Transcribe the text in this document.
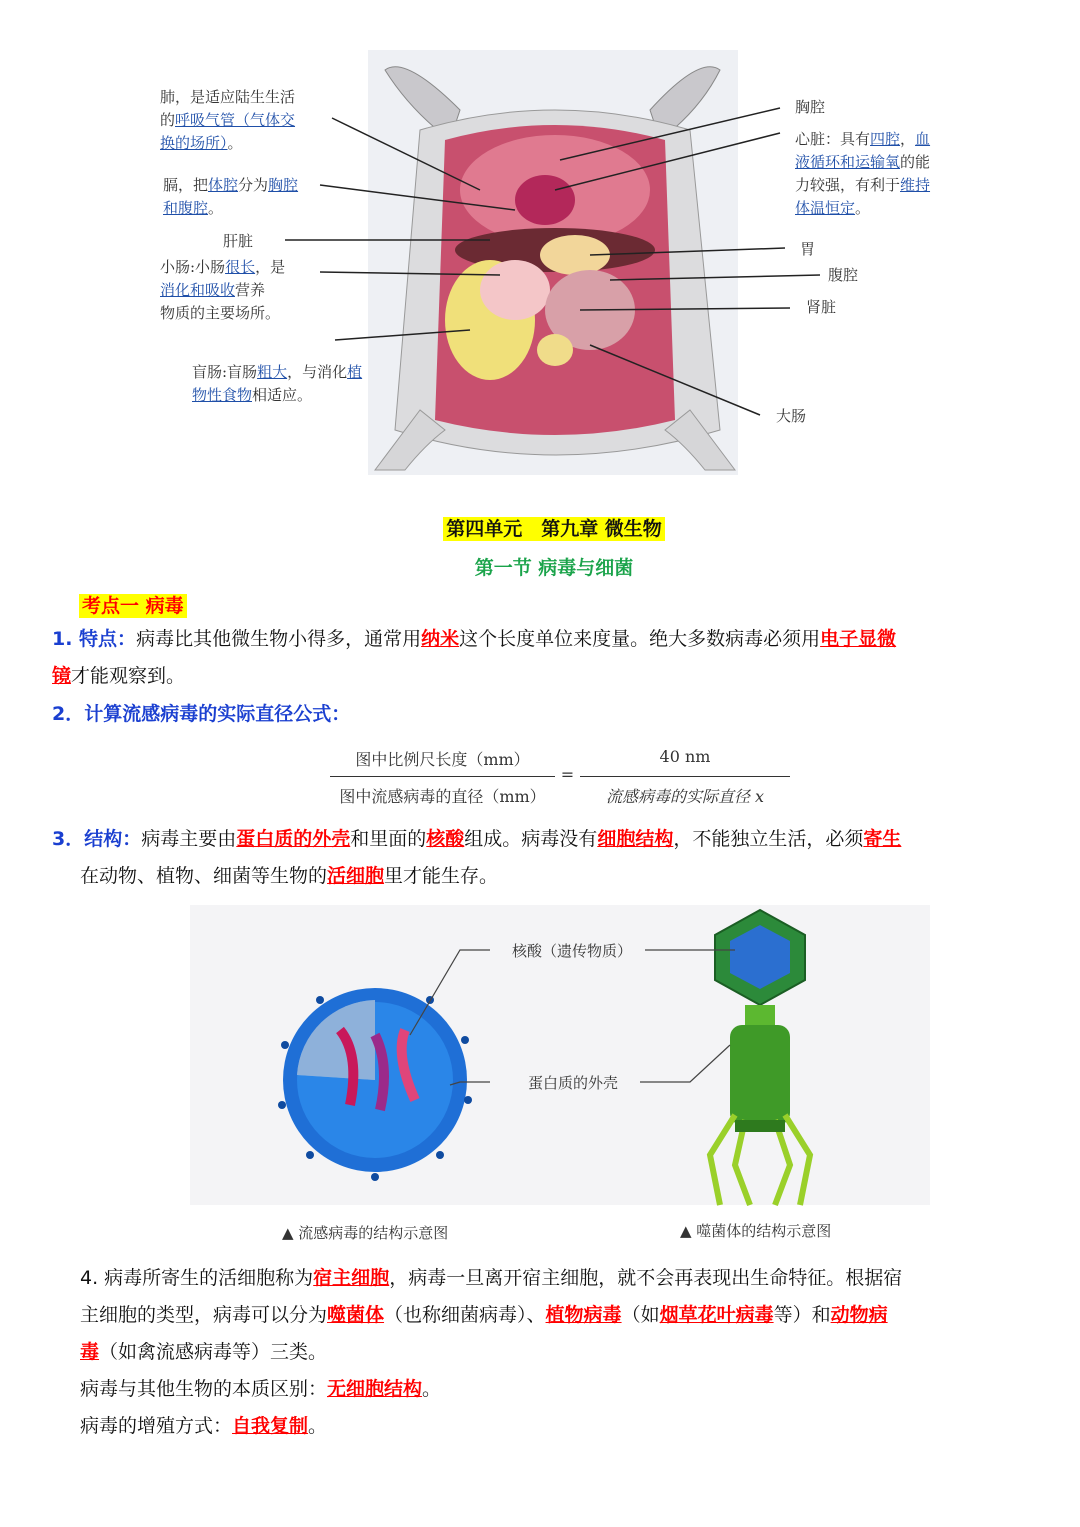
肺，是适应陆生生活
的呼吸气管（气体交
换的场所）。
膈，把体腔分为胸腔
和腹腔。
肝脏
小肠:小肠很长，是
消化和吸收营养
物质的主要场所。
盲肠:盲肠粗大，与消化植
物性食物相适应。
胸腔
心脏：具有四腔，血
液循环和运输氧的能
力较强，有利于维持
体温恒定。
胃
腹腔
肾脏
大肠
第四单元　第九章 微生物
第一节 病毒与细菌
考点一 病毒
1. 特点：病毒比其他微生物小得多，通常用纳米这个长度单位来度量。绝大多数病毒必须用电子显微
镜才能观察到。
2．计算流感病毒的实际直径公式：
图中比例尺长度（mm）
图中流感病毒的直径（mm）
=
40 nm
流感病毒的实际直径 x
3．结构：病毒主要由蛋白质的外壳和里面的核酸组成。病毒没有细胞结构，不能独立生活，必须寄生
在动物、植物、细菌等生物的活细胞里才能生存。
核酸（遗传物质）
蛋白质的外壳
▲ 流感病毒的结构示意图	▲ 噬菌体的结构示意图
4. 病毒所寄生的活细胞称为宿主细胞，病毒一旦离开宿主细胞，就不会再表现出生命特征。根据宿
主细胞的类型，病毒可以分为噬菌体（也称细菌病毒）、植物病毒（如烟草花叶病毒等）和动物病
毒（如禽流感病毒等）三类。
病毒与其他生物的本质区别：无细胞结构。
病毒的增殖方式：自我复制。
